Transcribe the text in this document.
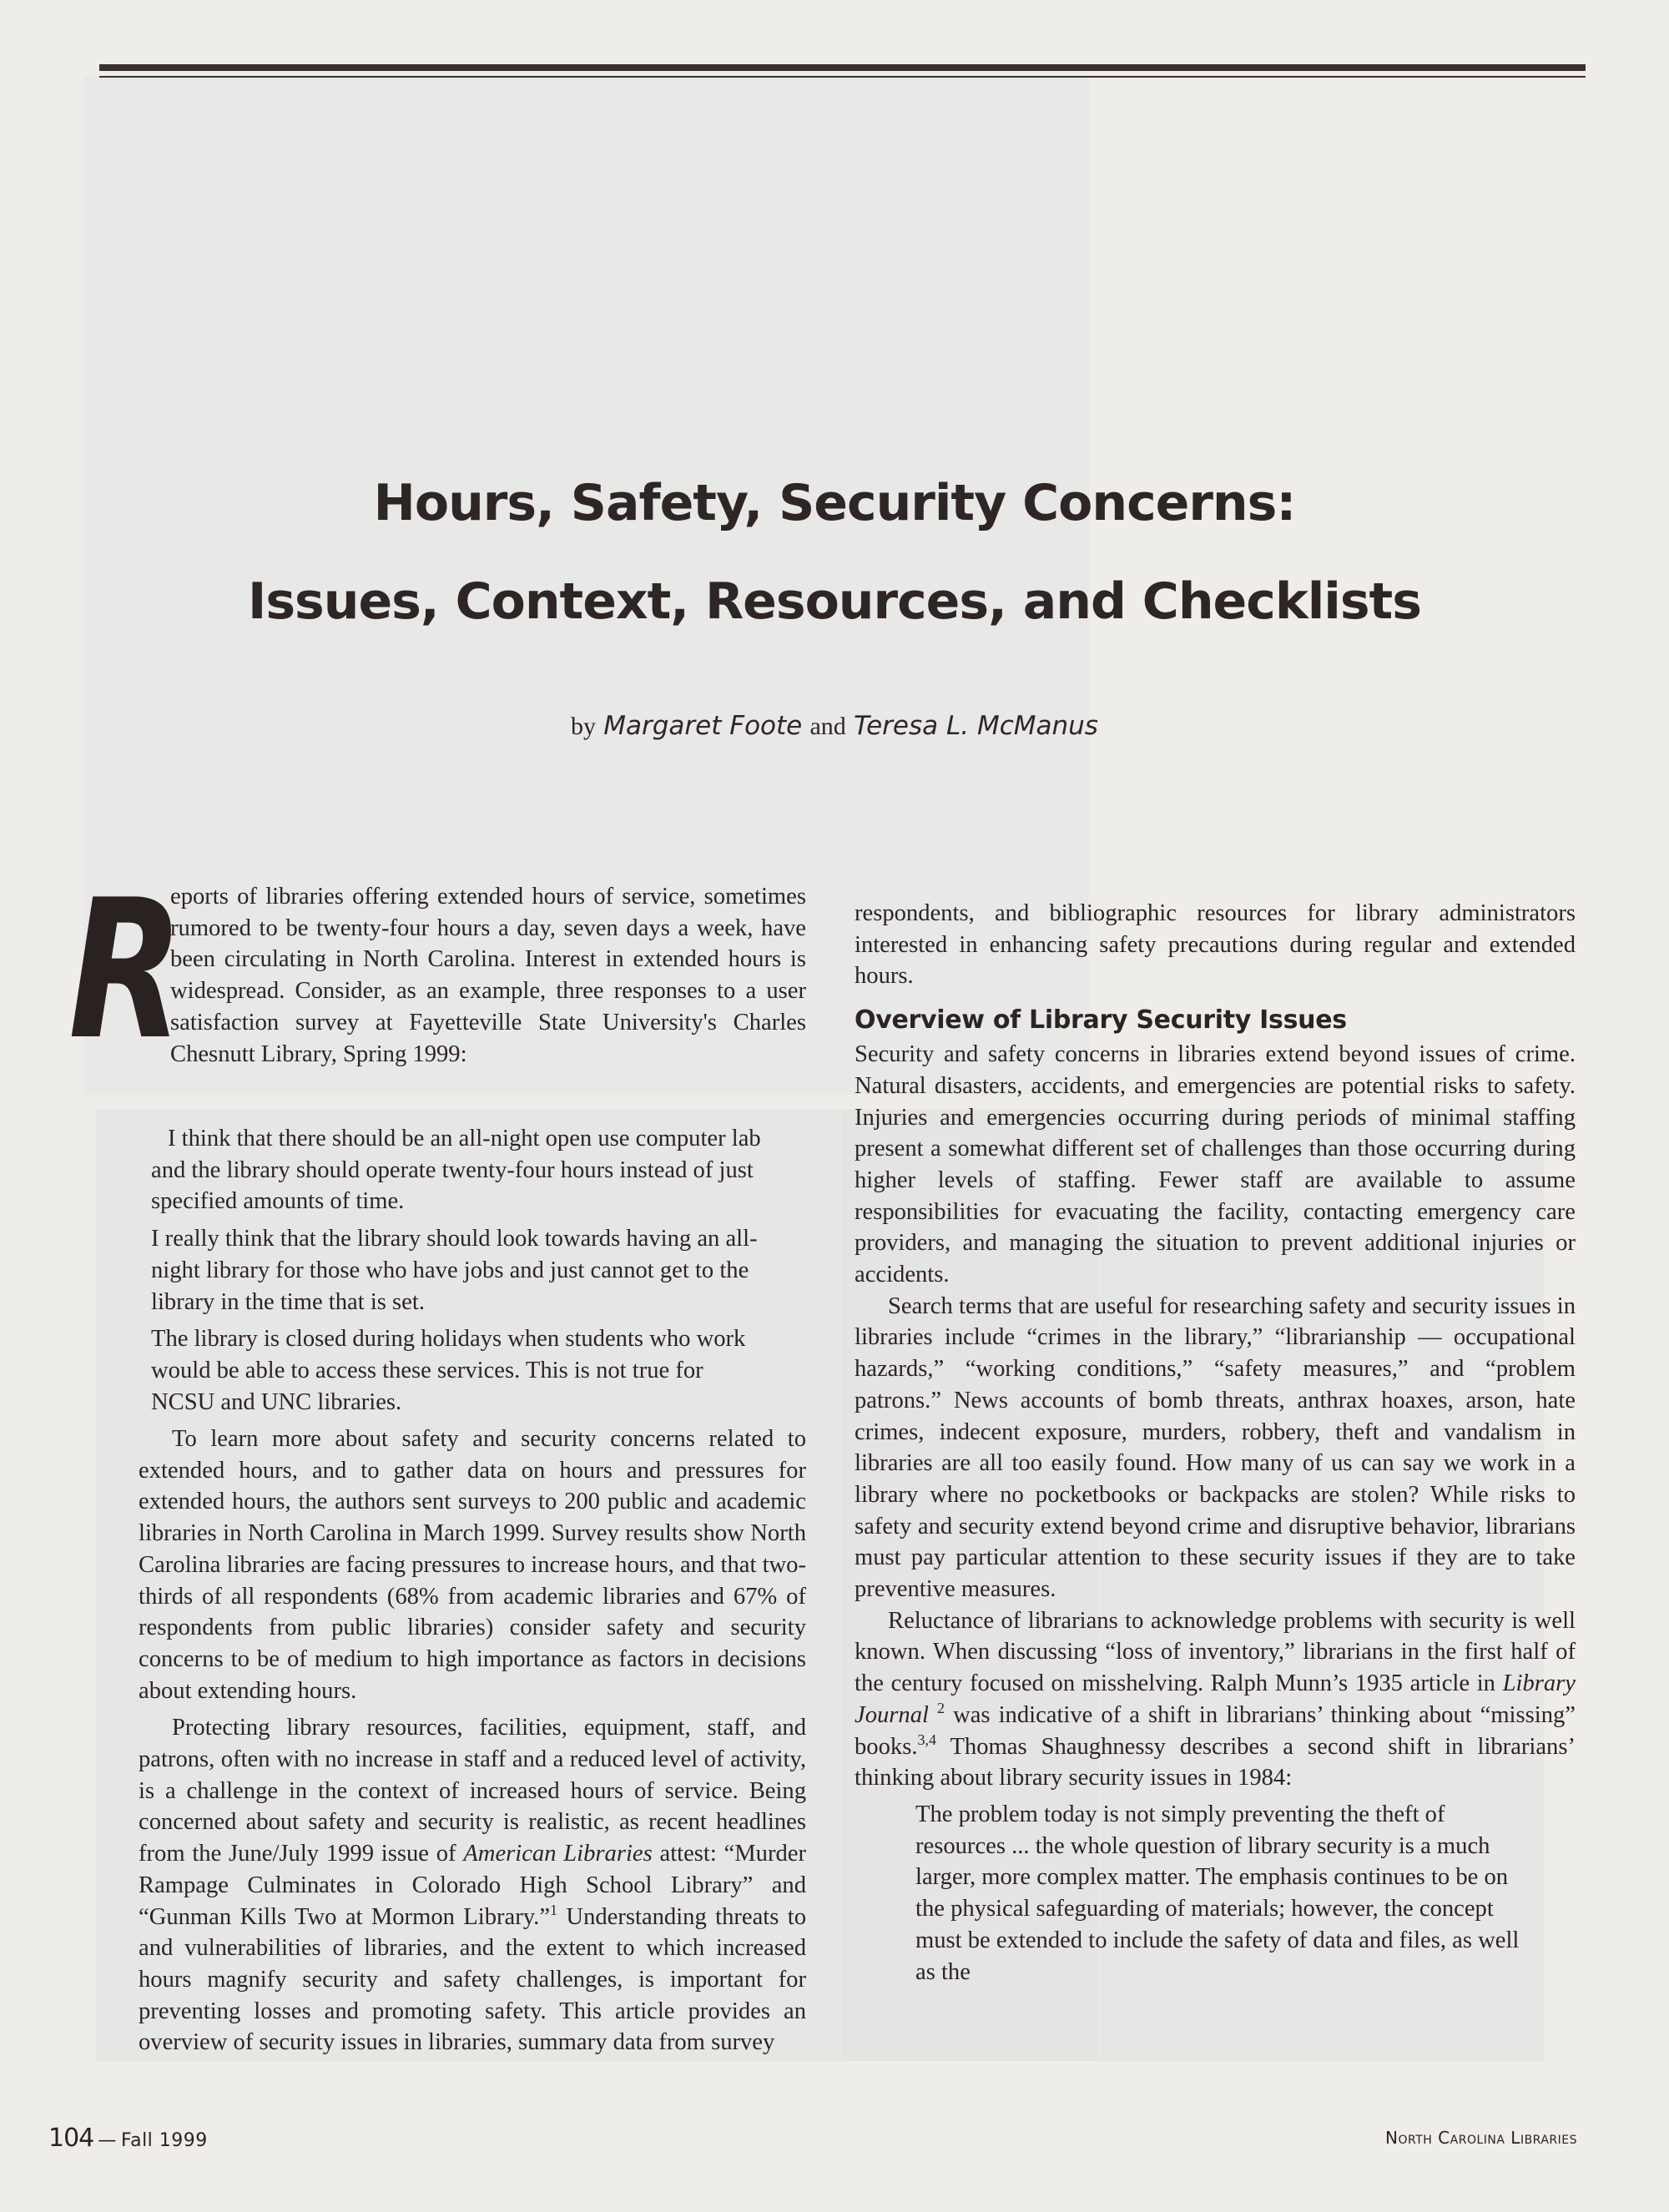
Hours, Safety, Security Concerns:
Issues, Context, Resources, and Checklists
by Margaret Foote and Teresa L. McManus
R

eports of libraries offering extended hours of service, sometimes rumored to be twenty-four hours a day, seven days a week, have been circulating in North Carolina. Interest in extended hours is widespread. Consider, as an example, three responses to a user satisfaction survey at Fayetteville State University's Charles Chesnutt Library, Spring 1999:

I think that there should be an all-night open use computer lab and the library should operate twenty-four hours instead of just specified amounts of time.

I really think that the library should look towards having an all-night library for those who have jobs and just cannot get to the library in the time that is set.

The library is closed during holidays when students who work would be able to access these services. This is not true for NCSU and UNC libraries.

To learn more about safety and security concerns related to extended hours, and to gather data on hours and pressures for extended hours, the authors sent surveys to 200 public and academic libraries in North Carolina in March 1999. Survey results show North Carolina libraries are facing pressures to increase hours, and that two-thirds of all respondents (68% from academic libraries and 67% of respondents from public libraries) consider safety and security concerns to be of medium to high importance as factors in decisions about extending hours.

Protecting library resources, facilities, equipment, staff, and patrons, often with no increase in staff and a reduced level of activity, is a challenge in the context of increased hours of service. Being concerned about safety and security is realistic, as recent headlines from the June/July 1999 issue of American Libraries attest: “Murder Rampage Culminates in Colorado High School Library” and “Gunman Kills Two at Mormon Library.”$^1$ Understanding threats to and vulnerabilities of libraries, and the extent to which increased hours magnify security and safety challenges, is important for preventing losses and promoting safety. This article provides an overview of security issues in libraries, summary data from survey

respondents, and bibliographic resources for library administrators interested in enhancing safety precautions during regular and extended hours.

Overview of Library Security Issues

Security and safety concerns in libraries extend beyond issues of crime. Natural disasters, accidents, and emergencies are potential risks to safety. Injuries and emergencies occurring during periods of minimal staffing present a somewhat different set of challenges than those occurring during higher levels of staffing. Fewer staff are available to assume responsibilities for evacuating the facility, contacting emergency care providers, and managing the situation to prevent additional injuries or accidents.

Search terms that are useful for researching safety and security issues in libraries include “crimes in the library,” “librarianship — occupational hazards,” “working conditions,” “safety measures,” and “problem patrons.” News accounts of bomb threats, anthrax hoaxes, arson, hate crimes, indecent exposure, murders, robbery, theft and vandalism in libraries are all too easily found. How many of us can say we work in a library where no pocketbooks or backpacks are stolen? While risks to safety and security extend beyond crime and disruptive behavior, librarians must pay particular attention to these security issues if they are to take preventive measures.

Reluctance of librarians to acknowledge problems with security is well known. When discussing “loss of inventory,” librarians in the first half of the century focused on misshelving. Ralph Munn’s 1935 article in Library Journal $^2$ was indicative of a shift in librarians’ thinking about “missing” books.$^{3,4}$ Thomas Shaughnessy describes a second shift in librarians’ thinking about library security issues in 1984:

The problem today is not simply preventing the theft of resources ... the whole question of library security is a much larger, more complex matter. The emphasis continues to be on the physical safeguarding of materials; however, the concept must be extended to include the safety of data and files, as well as the

104 — Fall 1999	North Carolina Libraries
